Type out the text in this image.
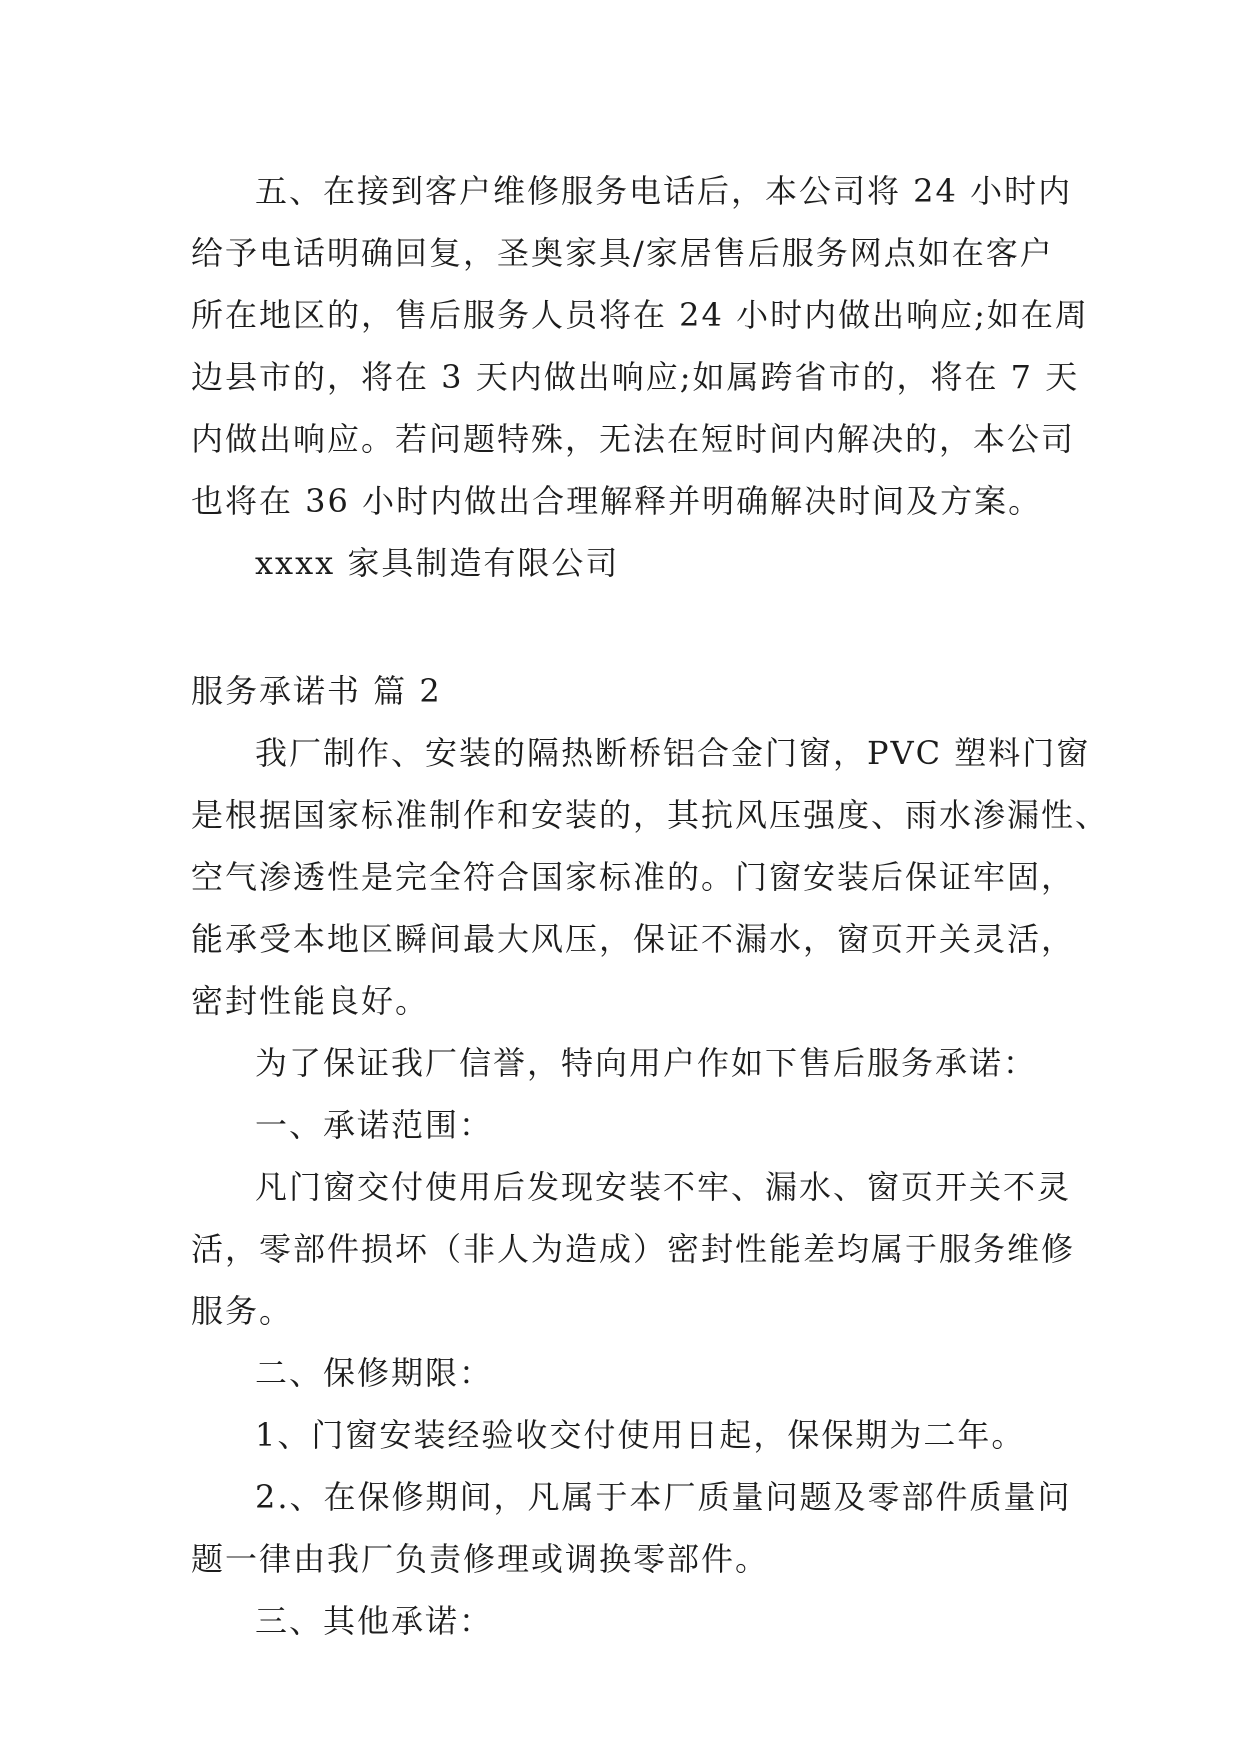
五、在接到客户维修服务电话后，本公司将 24 小时内
给予电话明确回复，圣奥家具/家居售后服务网点如在客户
所在地区的，售后服务人员将在 24 小时内做出响应;如在周
边县市的，将在 3 天内做出响应;如属跨省市的，将在 7 天
内做出响应。若问题特殊，无法在短时间内解决的，本公司
也将在 36 小时内做出合理解释并明确解决时间及方案。
xxxx 家具制造有限公司
服务承诺书 篇 2
我厂制作、安装的隔热断桥铝合金门窗，PVC 塑料门窗
是根据国家标准制作和安装的，其抗风压强度、雨水渗漏性、
空气渗透性是完全符合国家标准的。门窗安装后保证牢固，
能承受本地区瞬间最大风压，保证不漏水，窗页开关灵活，
密封性能良好。
为了保证我厂信誉，特向用户作如下售后服务承诺：
一、承诺范围：
凡门窗交付使用后发现安装不牢、漏水、窗页开关不灵
活，零部件损坏（非人为造成）密封性能差均属于服务维修
服务。
二、保修期限：
1、门窗安装经验收交付使用日起，保保期为二年。
2.、在保修期间，凡属于本厂质量问题及零部件质量问
题一律由我厂负责修理或调换零部件。
三、其他承诺：
